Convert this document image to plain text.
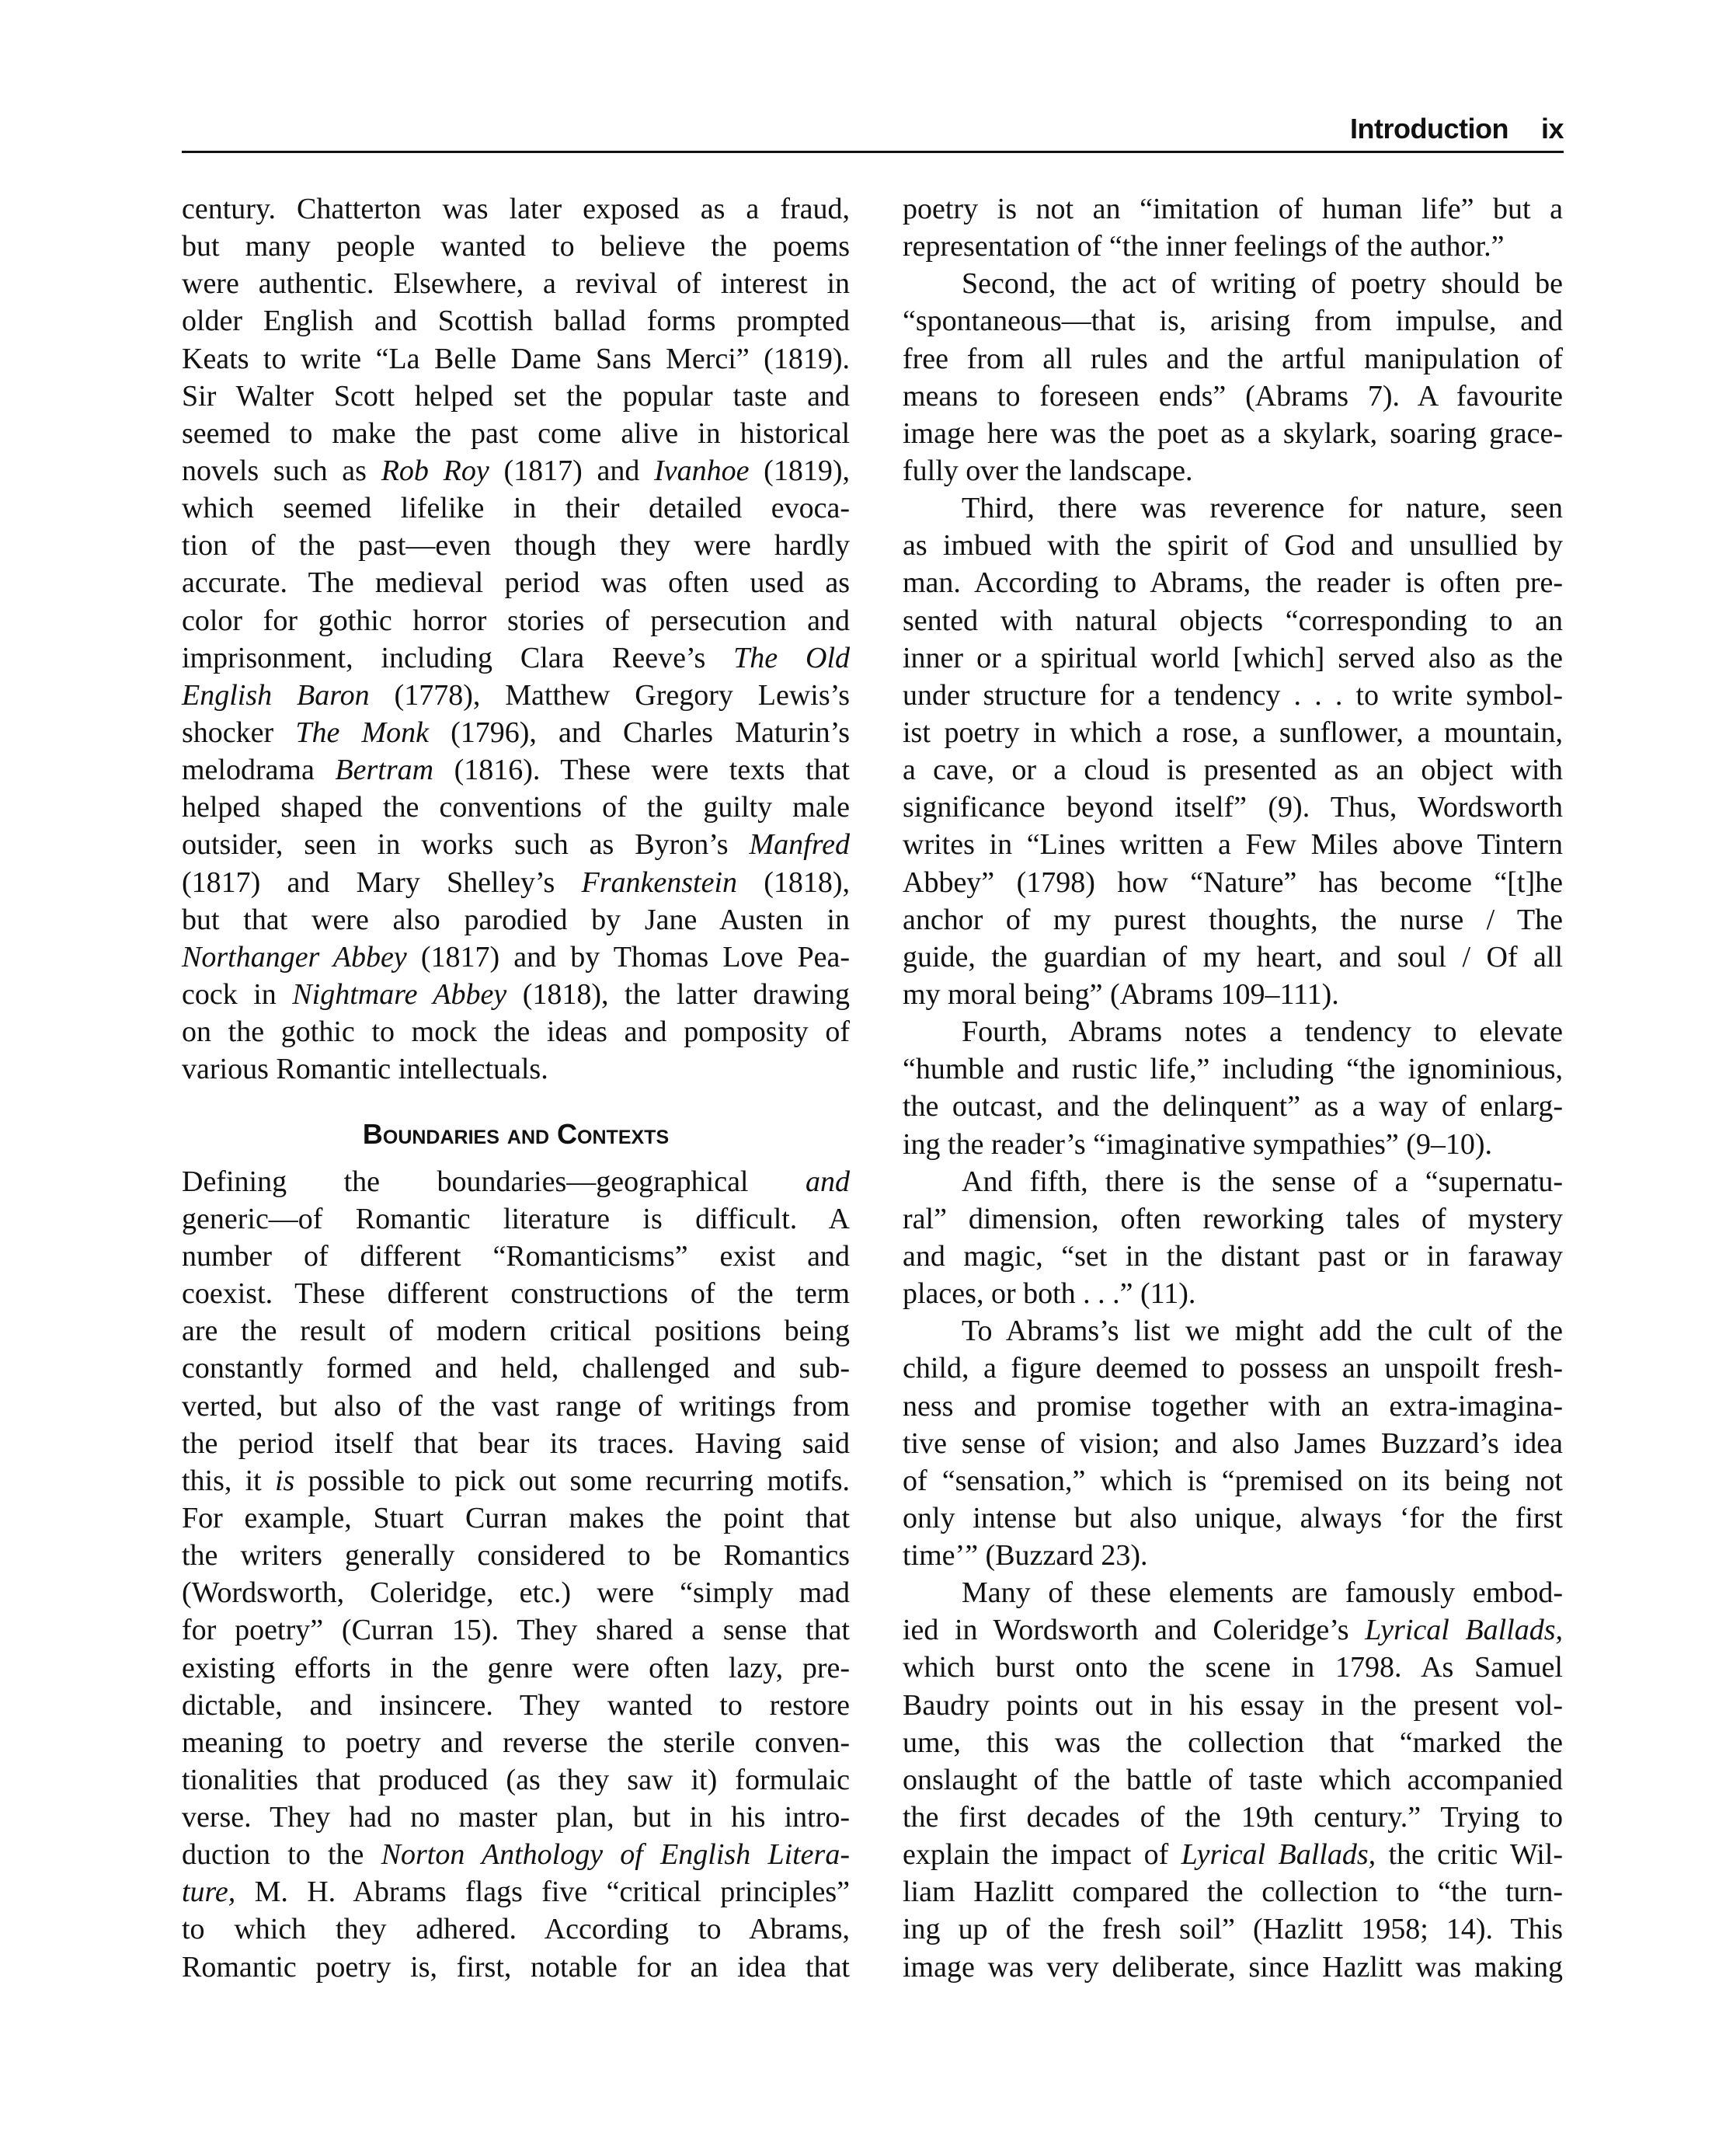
Introduction ix
century. Chatterton was later exposed as a fraud,
but many people wanted to believe the poems
were authentic. Elsewhere, a revival of interest in
older English and Scottish ballad forms prompted
Keats to write “La Belle Dame Sans Merci” (1819).
Sir Walter Scott helped set the popular taste and
seemed to make the past come alive in historical
novels such as Rob Roy (1817) and Ivanhoe (1819),
which seemed lifelike in their detailed evoca-
tion of the past—even though they were hardly
accurate. The medieval period was often used as
color for gothic horror stories of persecution and
imprisonment, including Clara Reeve’s The Old
English Baron (1778), Matthew Gregory Lewis’s
shocker The Monk (1796), and Charles Maturin’s
melodrama Bertram (1816). These were texts that
helped shaped the conventions of the guilty male
outsider, seen in works such as Byron’s Manfred
(1817) and Mary Shelley’s Frankenstein (1818),
but that were also parodied by Jane Austen in
Northanger Abbey (1817) and by Thomas Love Pea-
cock in Nightmare Abbey (1818), the latter drawing
on the gothic to mock the ideas and pomposity of
various Romantic intellectuals.
Boundaries and Contexts
Defining the boundaries—geographical and
generic—of Romantic literature is difficult. A
number of different “Romanticisms” exist and
coexist. These different constructions of the term
are the result of modern critical positions being
constantly formed and held, challenged and sub-
verted, but also of the vast range of writings from
the period itself that bear its traces. Having said
this, it is possible to pick out some recurring motifs.
For example, Stuart Curran makes the point that
the writers generally considered to be Romantics
(Wordsworth, Coleridge, etc.) were “simply mad
for poetry” (Curran 15). They shared a sense that
existing efforts in the genre were often lazy, pre-
dictable, and insincere. They wanted to restore
meaning to poetry and reverse the sterile conven-
tionalities that produced (as they saw it) formulaic
verse. They had no master plan, but in his intro-
duction to the Norton Anthology of English Litera-
ture, M. H. Abrams flags five “critical principles”
to which they adhered. According to Abrams,
Romantic poetry is, first, notable for an idea that
poetry is not an “imitation of human life” but a
representation of “the inner feelings of the author.”
Second, the act of writing of poetry should be
“spontaneous—that is, arising from impulse, and
free from all rules and the artful manipulation of
means to foreseen ends” (Abrams 7). A favourite
image here was the poet as a skylark, soaring grace-
fully over the landscape.
Third, there was reverence for nature, seen
as imbued with the spirit of God and unsullied by
man. According to Abrams, the reader is often pre-
sented with natural objects “corresponding to an
inner or a spiritual world [which] served also as the
under structure for a tendency . . . to write symbol-
ist poetry in which a rose, a sunflower, a mountain,
a cave, or a cloud is presented as an object with
significance beyond itself” (9). Thus, Wordsworth
writes in “Lines written a Few Miles above Tintern
Abbey” (1798) how “Nature” has become “[t]he
anchor of my purest thoughts, the nurse / The
guide, the guardian of my heart, and soul / Of all
my moral being” (Abrams 109–111).
Fourth, Abrams notes a tendency to elevate
“humble and rustic life,” including “the ignominious,
the outcast, and the delinquent” as a way of enlarg-
ing the reader’s “imaginative sympathies” (9–10).
And fifth, there is the sense of a “supernatu-
ral” dimension, often reworking tales of mystery
and magic, “set in the distant past or in faraway
places, or both . . .” (11).
To Abrams’s list we might add the cult of the
child, a figure deemed to possess an unspoilt fresh-
ness and promise together with an extra-imagina-
tive sense of vision; and also James Buzzard’s idea
of “sensation,” which is “premised on its being not
only intense but also unique, always ‘for the first
time’” (Buzzard 23).
Many of these elements are famously embod-
ied in Wordsworth and Coleridge’s Lyrical Ballads,
which burst onto the scene in 1798. As Samuel
Baudry points out in his essay in the present vol-
ume, this was the collection that “marked the
onslaught of the battle of taste which accompanied
the first decades of the 19th century.” Trying to
explain the impact of Lyrical Ballads, the critic Wil-
liam Hazlitt compared the collection to “the turn-
ing up of the fresh soil” (Hazlitt 1958; 14). This
image was very deliberate, since Hazlitt was making
